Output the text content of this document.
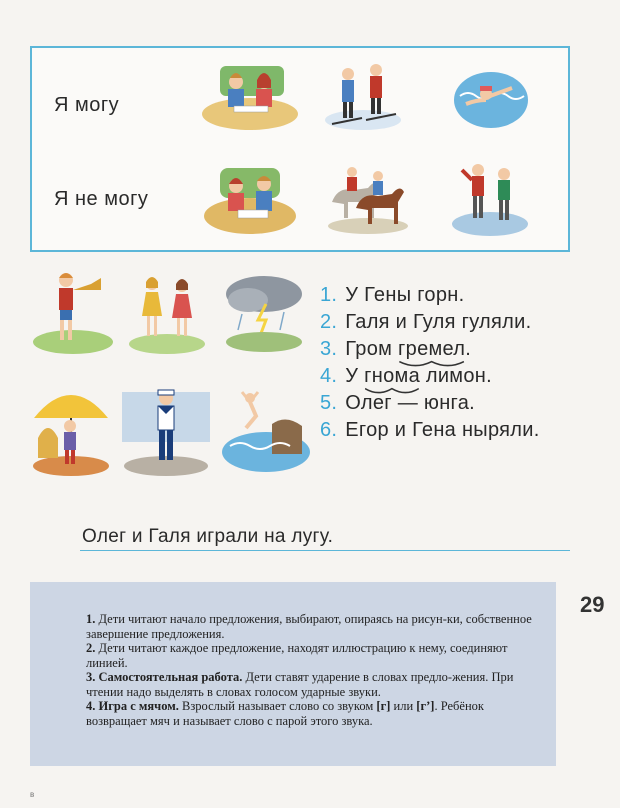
Я могу
Я не могу
1. У Гены горн.
2. Галя и Гуля гуляли.
3. Гром гремел
.
4. У гнома
лимон.
5. Олег — юнга.
6. Егор и Гена ныряли.
Олег и Галя играли на лугу.

1. Дети читают начало предложения, выбирают, опираясь на рисун-ки, собственное завершение предложения.

2. Дети читают каждое предложение, находят иллюстрацию к нему, соединяют линией.

3. Самостоятельная работа. Дети ставят ударение в словах предло-жения. При чтении надо выделять в словах голосом ударные звуки.

4. Игра с мячом. Взрослый называет слово со звуком [г] или [г’]. Ребёнок возвращает мяч и называет слово с парой этого звука.

29
в
